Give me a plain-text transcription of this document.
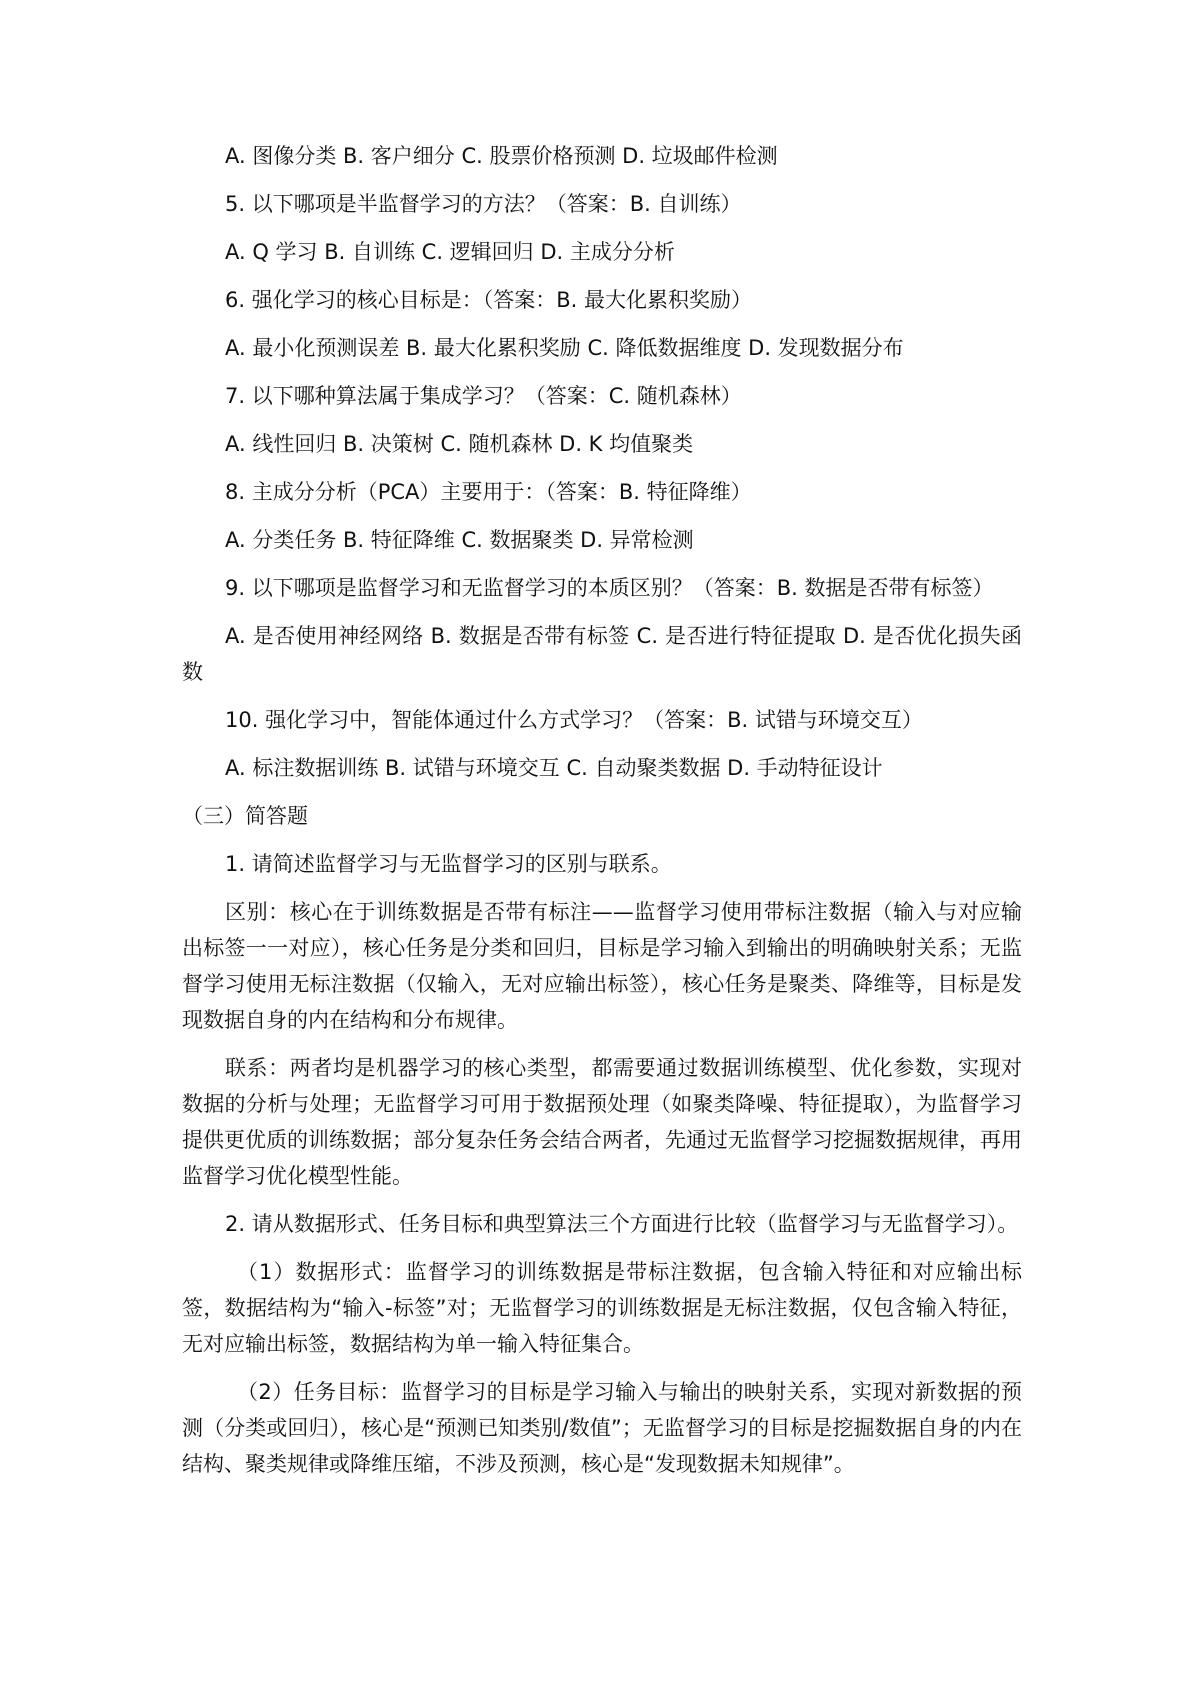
A. 图像分类 B. 客户细分 C. 股票价格预测 D. 垃圾邮件检测
5. 以下哪项是半监督学习的方法？（答案：B. 自训练）
A. Q 学习 B. 自训练 C. 逻辑回归 D. 主成分分析
6. 强化学习的核心目标是：（答案：B. 最大化累积奖励）
A. 最小化预测误差 B. 最大化累积奖励 C. 降低数据维度 D. 发现数据分布
7. 以下哪种算法属于集成学习？（答案：C. 随机森林）
A. 线性回归 B. 决策树 C. 随机森林 D. K 均值聚类
8. 主成分分析（PCA）主要用于：（答案：B. 特征降维）
A. 分类任务 B. 特征降维 C. 数据聚类 D. 异常检测
9. 以下哪项是监督学习和无监督学习的本质区别？（答案：B. 数据是否带有标签）
A. 是否使用神经网络 B. 数据是否带有标签 C. 是否进行特征提取 D. 是否优化损失函数
10. 强化学习中，智能体通过什么方式学习？（答案：B. 试错与环境交互）
A. 标注数据训练 B. 试错与环境交互 C. 自动聚类数据 D. 手动特征设计
（三）简答题
1. 请简述监督学习与无监督学习的区别与联系。
区别：核心在于训练数据是否带有标注——监督学习使用带标注数据（输入与对应输出标签一一对应），核心任务是分类和回归，目标是学习输入到输出的明确映射关系；无监督学习使用无标注数据（仅输入，无对应输出标签），核心任务是聚类、降维等，目标是发现数据自身的内在结构和分布规律。
联系：两者均是机器学习的核心类型，都需要通过数据训练模型、优化参数，实现对数据的分析与处理；无监督学习可用于数据预处理（如聚类降噪、特征提取），为监督学习提供更优质的训练数据；部分复杂任务会结合两者，先通过无监督学习挖掘数据规律，再用监督学习优化模型性能。
2. 请从数据形式、任务目标和典型算法三个方面进行比较（监督学习与无监督学习）。
（1）数据形式：监督学习的训练数据是带标注数据，包含输入特征和对应输出标签，数据结构为“输入-标签”对；无监督学习的训练数据是无标注数据，仅包含输入特征，无对应输出标签，数据结构为单一输入特征集合。
（2）任务目标：监督学习的目标是学习输入与输出的映射关系，实现对新数据的预测（分类或回归），核心是“预测已知类别/数值”；无监督学习的目标是挖掘数据自身的内在结构、聚类规律或降维压缩，不涉及预测，核心是“发现数据未知规律”。
